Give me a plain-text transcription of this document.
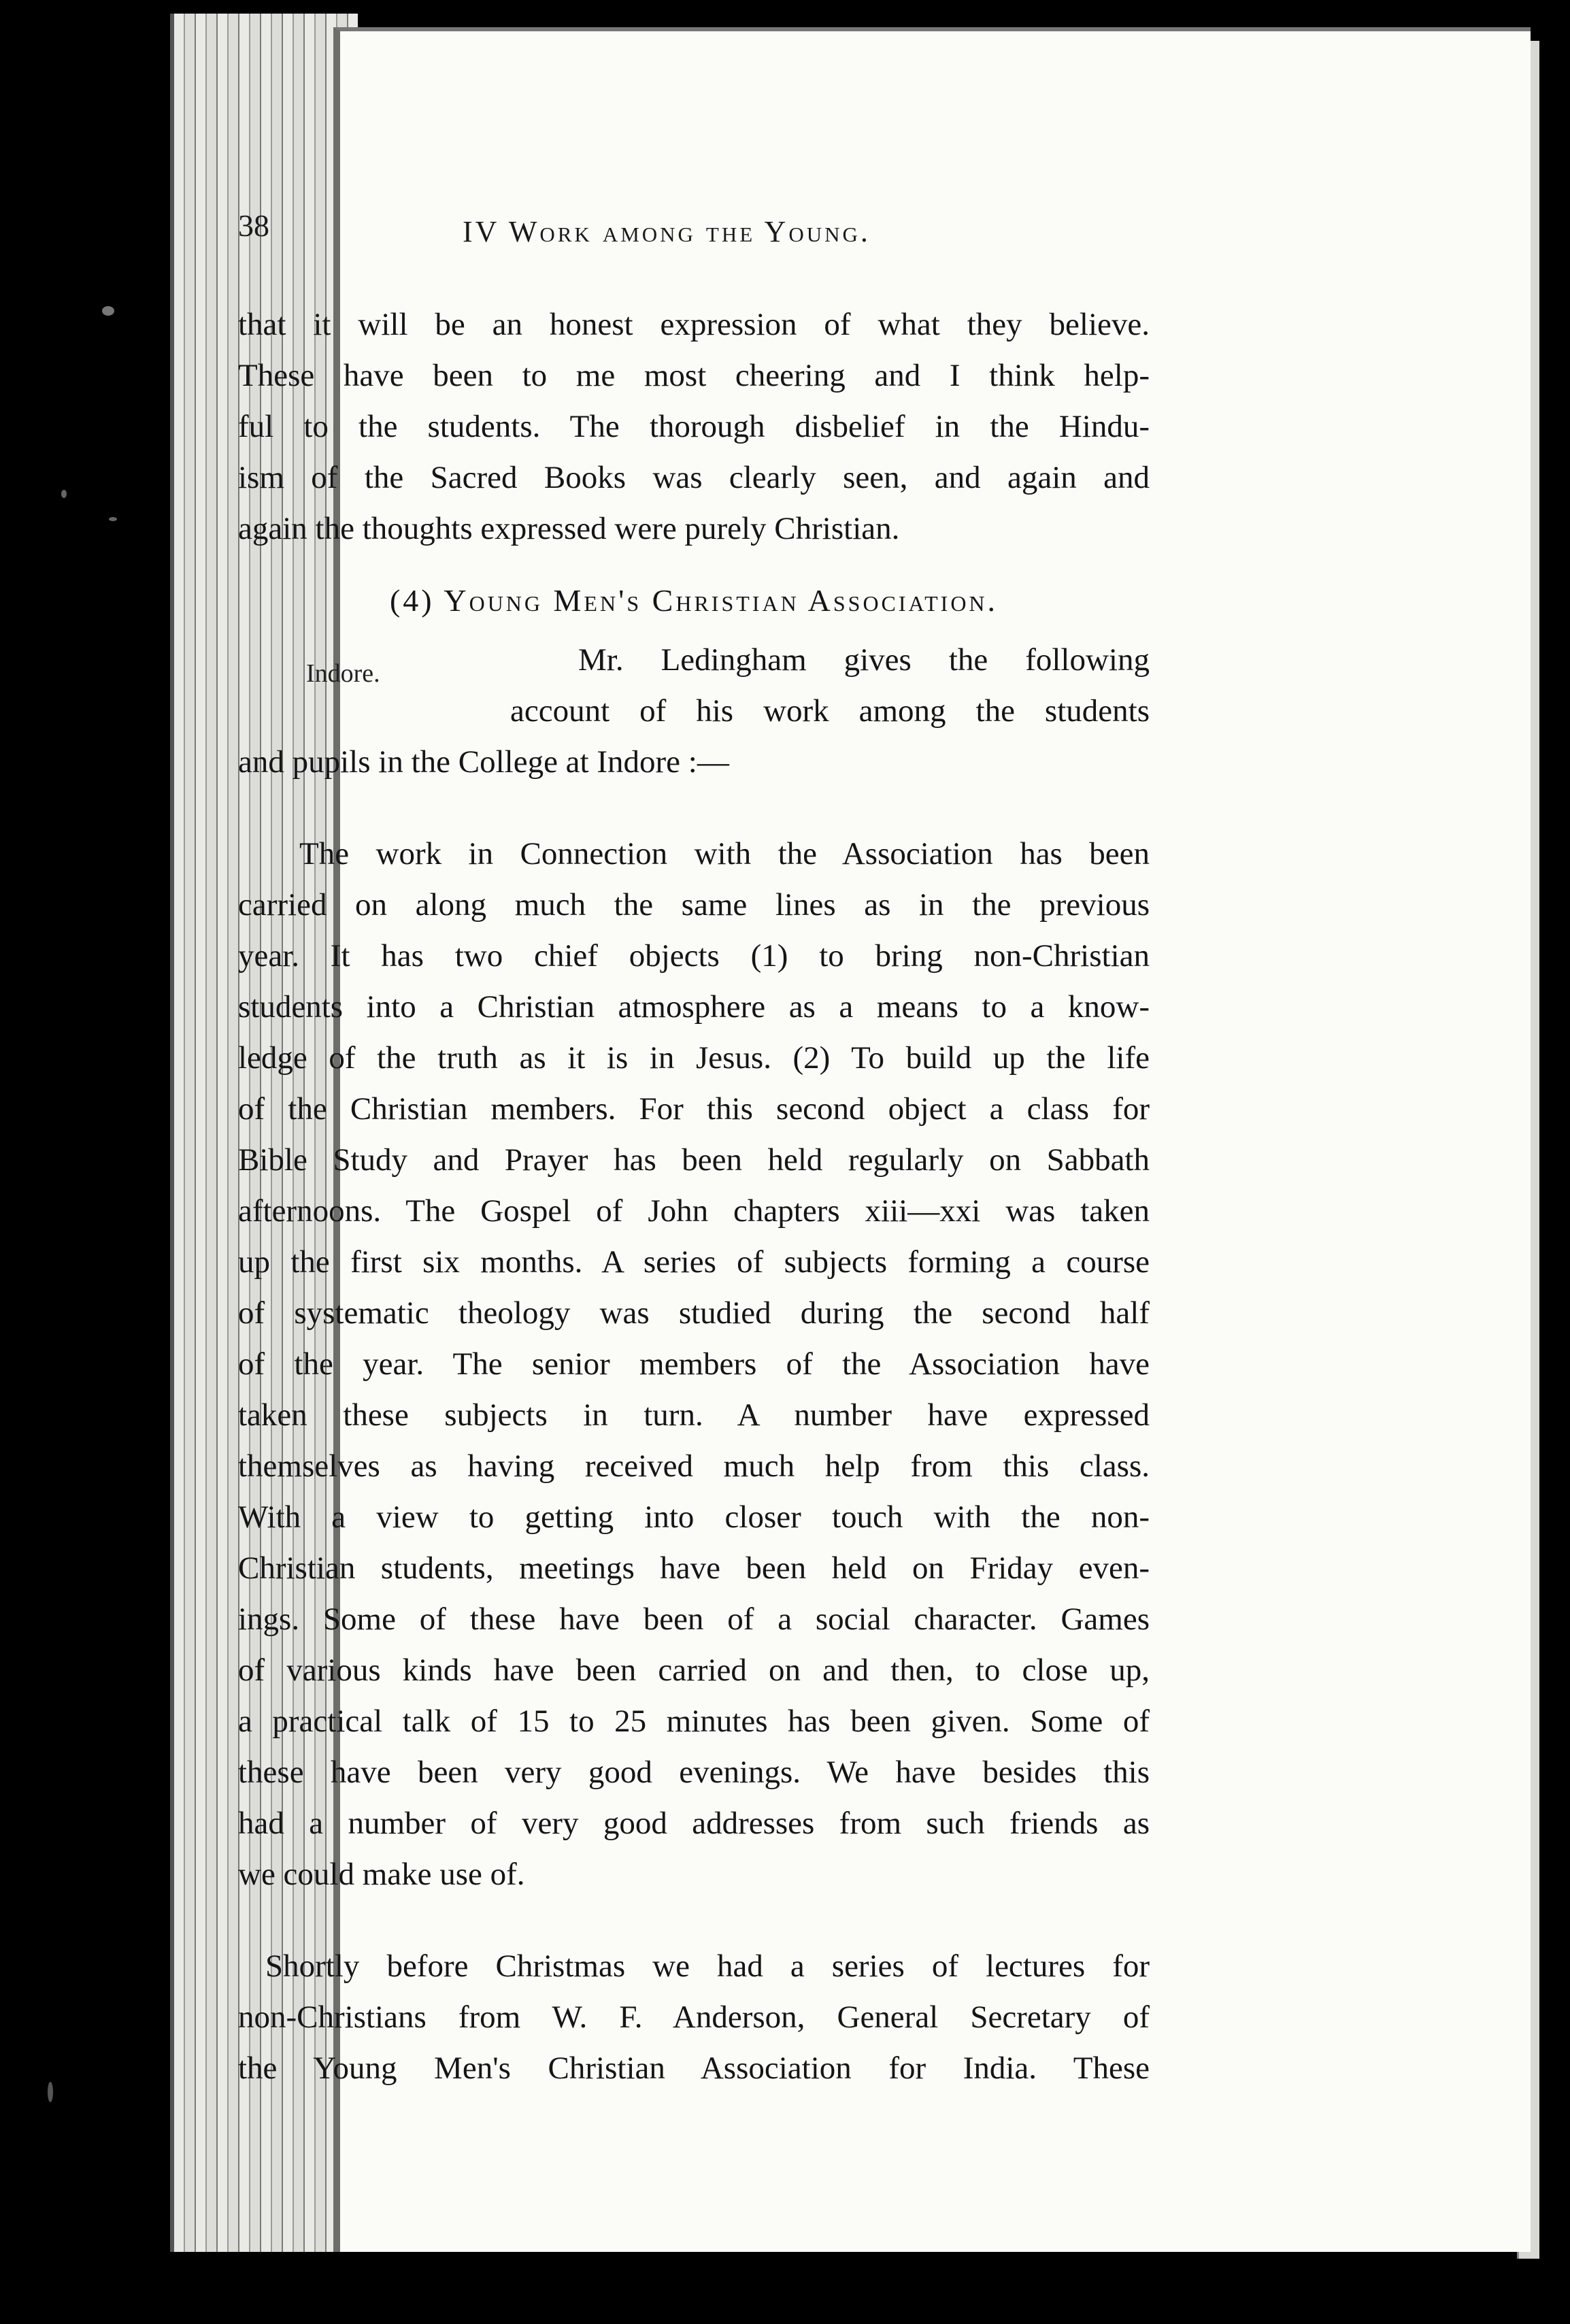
38	IV Work among the Young.
that it will be an honest expression of what they believe.
These have been to me most cheering and I think help-
ful to the students. The thorough disbelief in the Hindu-
ism of the Sacred Books was clearly seen, and again and
again the thoughts expressed were purely Christian.
(4) Young Men's Christian Association.
Indore.	Mr. Ledingham gives the following
account of his work among the students
and pupils in the College at Indore :—
The work in Connection with the Association has been
carried on along much the same lines as in the previous
year. It has two chief objects (1) to bring non-Christian
students into a Christian atmosphere as a means to a know-
ledge of the truth as it is in Jesus. (2) To build up the life
of the Christian members. For this second object a class for
Bible Study and Prayer has been held regularly on Sabbath
afternoons. The Gospel of John chapters xiii—xxi was taken
up the first six months. A series of subjects forming a course
of systematic theology was studied during the second half
of the year. The senior members of the Association have
taken these subjects in turn. A number have expressed
themselves as having received much help from this class.
With a view to getting into closer touch with the non-
Christian students, meetings have been held on Friday even-
ings. Some of these have been of a social character. Games
of various kinds have been carried on and then, to close up,
a practical talk of 15 to 25 minutes has been given. Some of
these have been very good evenings. We have besides this
had a number of very good addresses from such friends as
we could make use of.
Shortly before Christmas we had a series of lectures for
non-Christians from W. F. Anderson, General Secretary of
the Young Men's Christian Association for India. These
